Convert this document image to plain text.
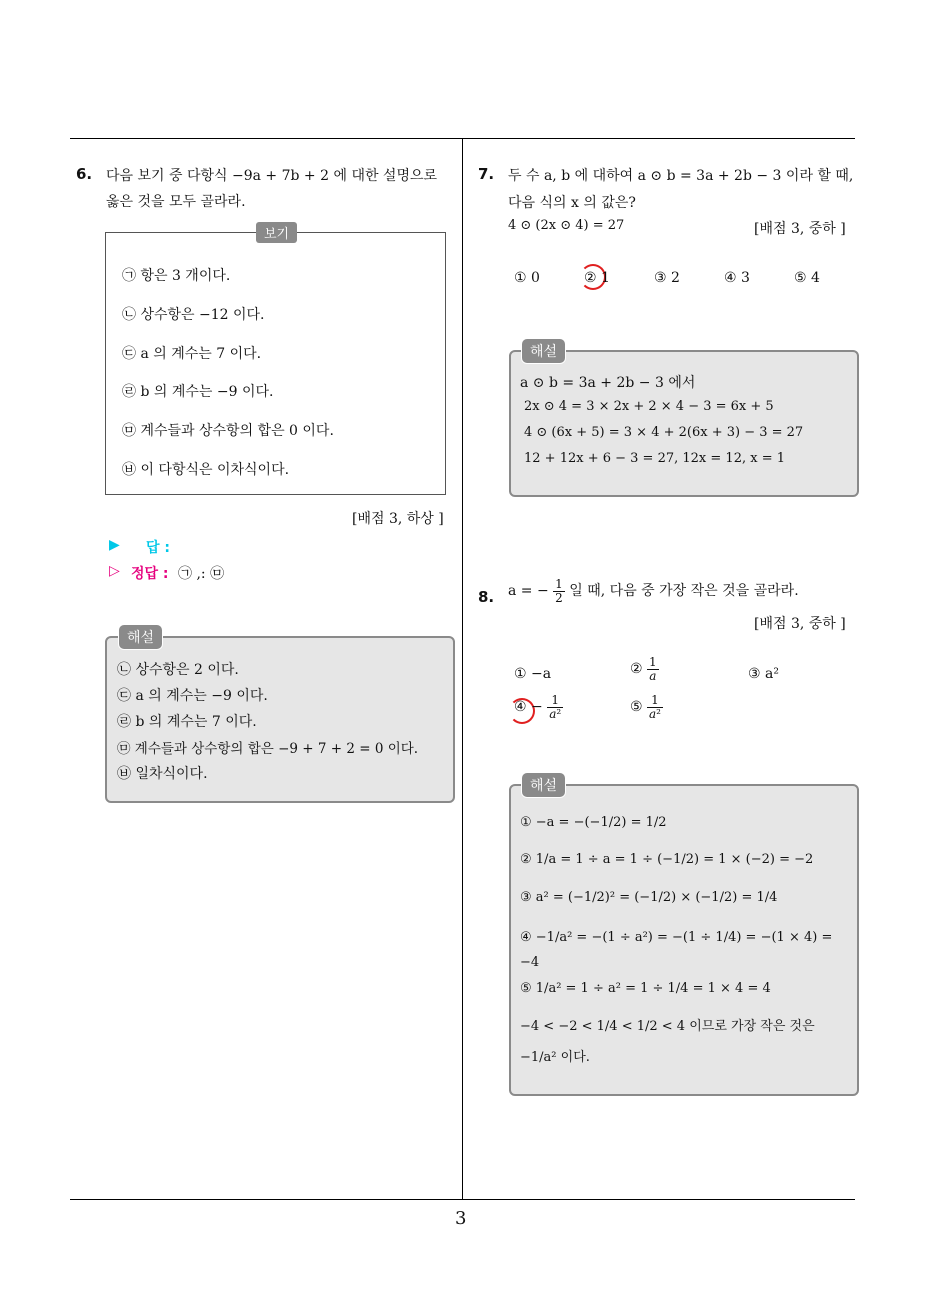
3
6. 다음 보기 중 다항식 −9a + 7b + 2 에 대한 설명으로
옳은 것을 모두 골라라.
보기
㉠ 항은 3 개이다.
㉡ 상수항은 −12 이다.
㉢ a 의 계수는 7 이다.
㉣ b 의 계수는 −9 이다.
㉤ 계수들과 상수항의 합은 0 이다.
㉥ 이 다항식은 이차식이다.
[배점 3, 하상 ]
▶ 답 :
▷ 정답 : ㉠ ,: ㉤
해설
㉡ 상수항은 2 이다.
㉢ a 의 계수는 −9 이다.
㉣ b 의 계수는 7 이다.
㉤ 계수들과 상수항의 합은 −9 + 7 + 2 = 0 이다.
㉥ 일차식이다.
7. 두 수 a, b 에 대하여 a ⊙ b = 3a + 2b − 3 이라 할 때,
다음 식의 x 의 값은?
4 ⊙ (2x ⊙ 4) = 27	[배점 3, 중하 ]
① 0	② 1	③ 2	④ 3	⑤ 4
해설
a ⊙ b = 3a + 2b − 3 에서
2x ⊙ 4 = 3 × 2x + 2 × 4 − 3 = 6x + 5
4 ⊙ (6x + 5) = 3 × 4 + 2(6x + 3) − 3 = 27
12 + 12x + 6 − 3 = 27, 12x = 12, x = 1
8. a = − $\frac{1}{2}$ 일 때, 다음 중 가장 작은 것을 골라라.
[배점 3, 중하 ]
① −a	② $\frac{1}{a}$	③ a²
④ − $\frac{1}{\text{a²}}$	⑤ $\frac{1}{\text{a²}}$
해설
① −a = −(−1/2) = 1/2
② 1/a = 1 ÷ a = 1 ÷ (−1/2) = 1 × (−2) = −2
③ a² = (−1/2)² = (−1/2) × (−1/2) = 1/4
④ −1/a² = −(1 ÷ a²) = −(1 ÷ 1/4) = −(1 × 4) =
−4
⑤ 1/a² = 1 ÷ a² = 1 ÷ 1/4 = 1 × 4 = 4
−4 < −2 < 1/4 < 1/2 < 4 이므로 가장 작은 것은
−1/a² 이다.
